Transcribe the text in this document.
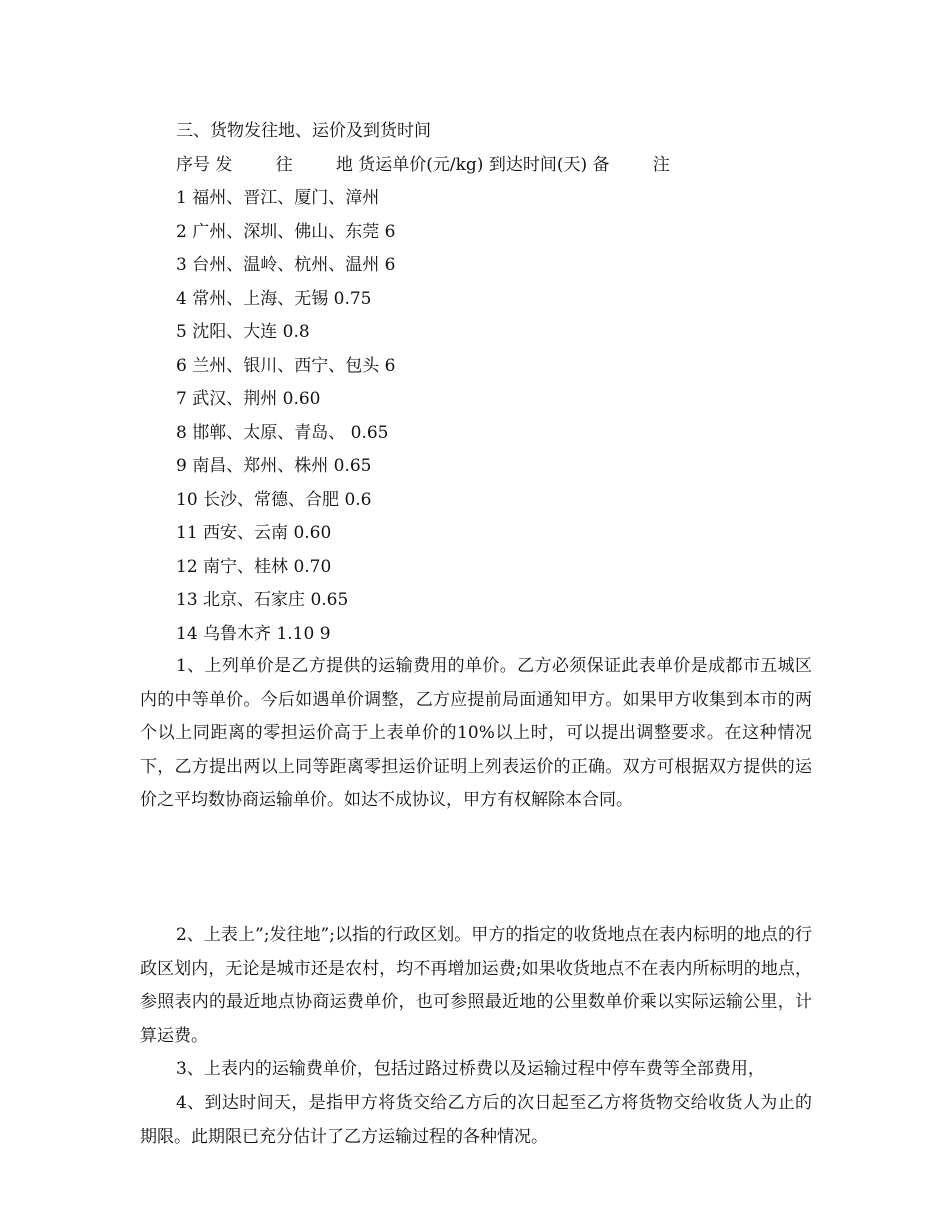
三、货物发往地、运价及到货时间
序号 发        往        地 货运单价(元/kg) 到达时间(天) 备        注
1 福州、晋江、厦门、漳州
2 广州、深圳、佛山、东莞 6
3 台州、温岭、杭州、温州 6
4 常州、上海、无锡 0.75
5 沈阳、大连 0.8
6 兰州、银川、西宁、包头 6
7 武汉、荆州 0.60
8 邯郸、太原、青岛、 0.65
9 南昌、郑州、株州 0.65
10 长沙、常德、合肥 0.6
11 西安、云南 0.60
12 南宁、桂林 0.70
13 北京、石家庄 0.65
14 乌鲁木齐 1.10 9

1、上列单价是乙方提供的运输费用的单价。乙方必须保证此表单价是成都市五城区内的中等单价。今后如遇单价调整，乙方应提前局面通知甲方。如果甲方收集到本市的两个以上同距离的零担运价高于上表单价的10%以上时，可以提出调整要求。在这种情况下，乙方提出两以上同等距离零担运价证明上列表运价的正确。双方可根据双方提供的运价之平均数协商运输单价。如达不成协议，甲方有权解除本合同。

2、上表上”;发往地”;以指的行政区划。甲方的指定的收货地点在表内标明的地点的行政区划内，无论是城市还是农村，均不再增加运费;如果收货地点不在表内所标明的地点，参照表内的最近地点协商运费单价，也可参照最近地的公里数单价乘以实际运输公里，计算运费。

3、上表内的运输费单价，包括过路过桥费以及运输过程中停车费等全部费用，

4、到达时间天，是指甲方将货交给乙方后的次日起至乙方将货物交给收货人为止的期限。此期限已充分估计了乙方运输过程的各种情况。
